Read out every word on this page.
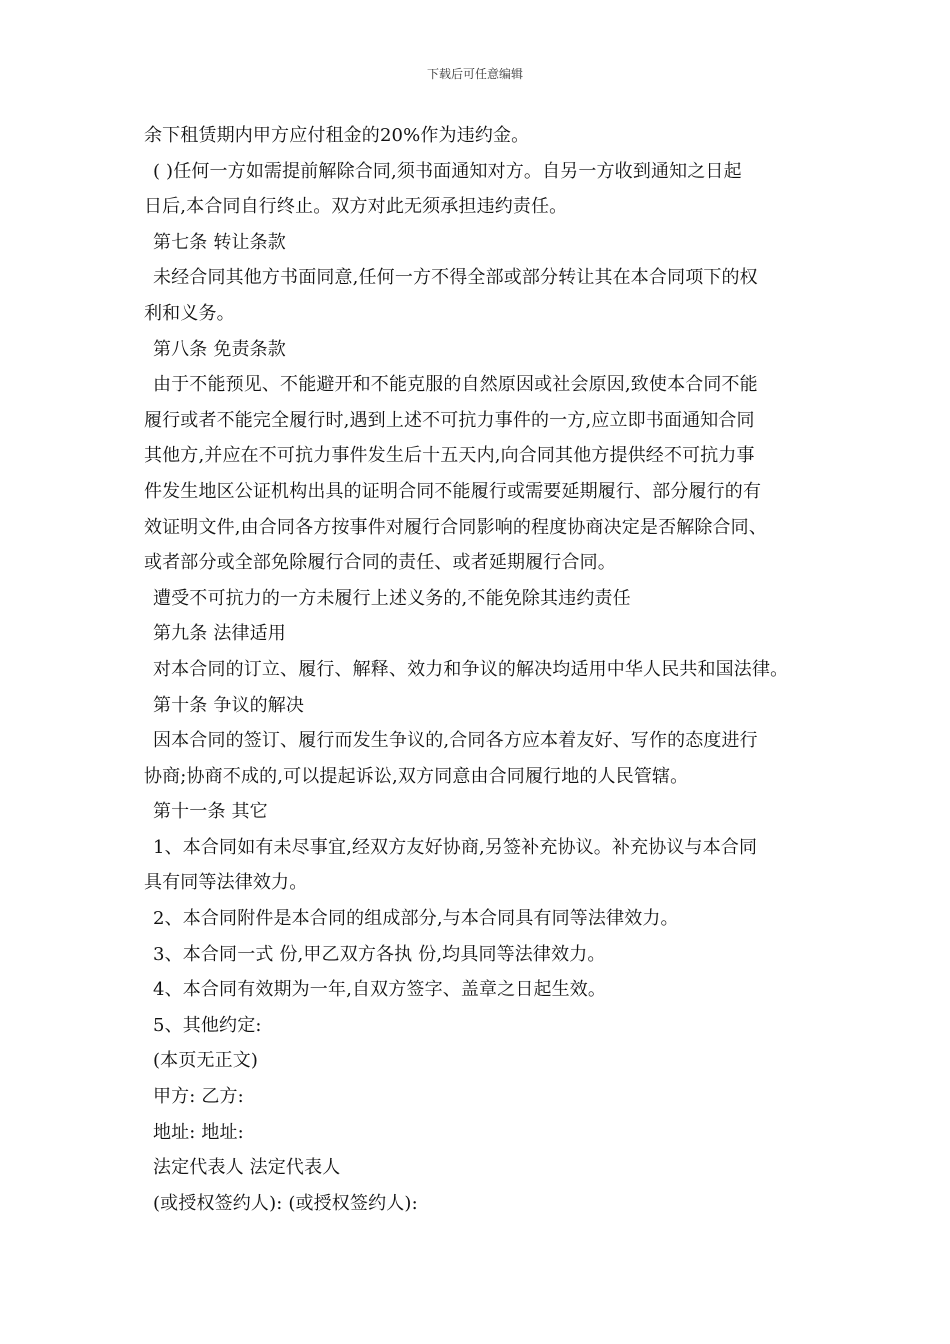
下载后可任意编辑
余下租赁期内甲方应付租金的20%作为违约金。
( )任何一方如需提前解除合同,须书面通知对方。自另一方收到通知之日起
日后,本合同自行终止。双方对此无须承担违约责任。
第七条 转让条款
未经合同其他方书面同意,任何一方不得全部或部分转让其在本合同项下的权
利和义务。
第八条 免责条款
由于不能预见、不能避开和不能克服的自然原因或社会原因,致使本合同不能
履行或者不能完全履行时,遇到上述不可抗力事件的一方,应立即书面通知合同
其他方,并应在不可抗力事件发生后十五天内,向合同其他方提供经不可抗力事
件发生地区公证机构出具的证明合同不能履行或需要延期履行、部分履行的有
效证明文件,由合同各方按事件对履行合同影响的程度协商决定是否解除合同、
或者部分或全部免除履行合同的责任、或者延期履行合同。
遭受不可抗力的一方未履行上述义务的,不能免除其违约责任
第九条 法律适用
对本合同的订立、履行、解释、效力和争议的解决均适用中华人民共和国法律。
第十条 争议的解决
因本合同的签订、履行而发生争议的,合同各方应本着友好、写作的态度进行
协商;协商不成的,可以提起诉讼,双方同意由合同履行地的人民管辖。
第十一条 其它
1、本合同如有未尽事宜,经双方友好协商,另签补充协议。补充协议与本合同
具有同等法律效力。
2、本合同附件是本合同的组成部分,与本合同具有同等法律效力。
3、本合同一式 份,甲乙双方各执 份,均具同等法律效力。
4、本合同有效期为一年,自双方签字、盖章之日起生效。
5、其他约定:
(本页无正文)
甲方: 乙方:
地址: 地址:
法定代表人 法定代表人
(或授权签约人): (或授权签约人):
